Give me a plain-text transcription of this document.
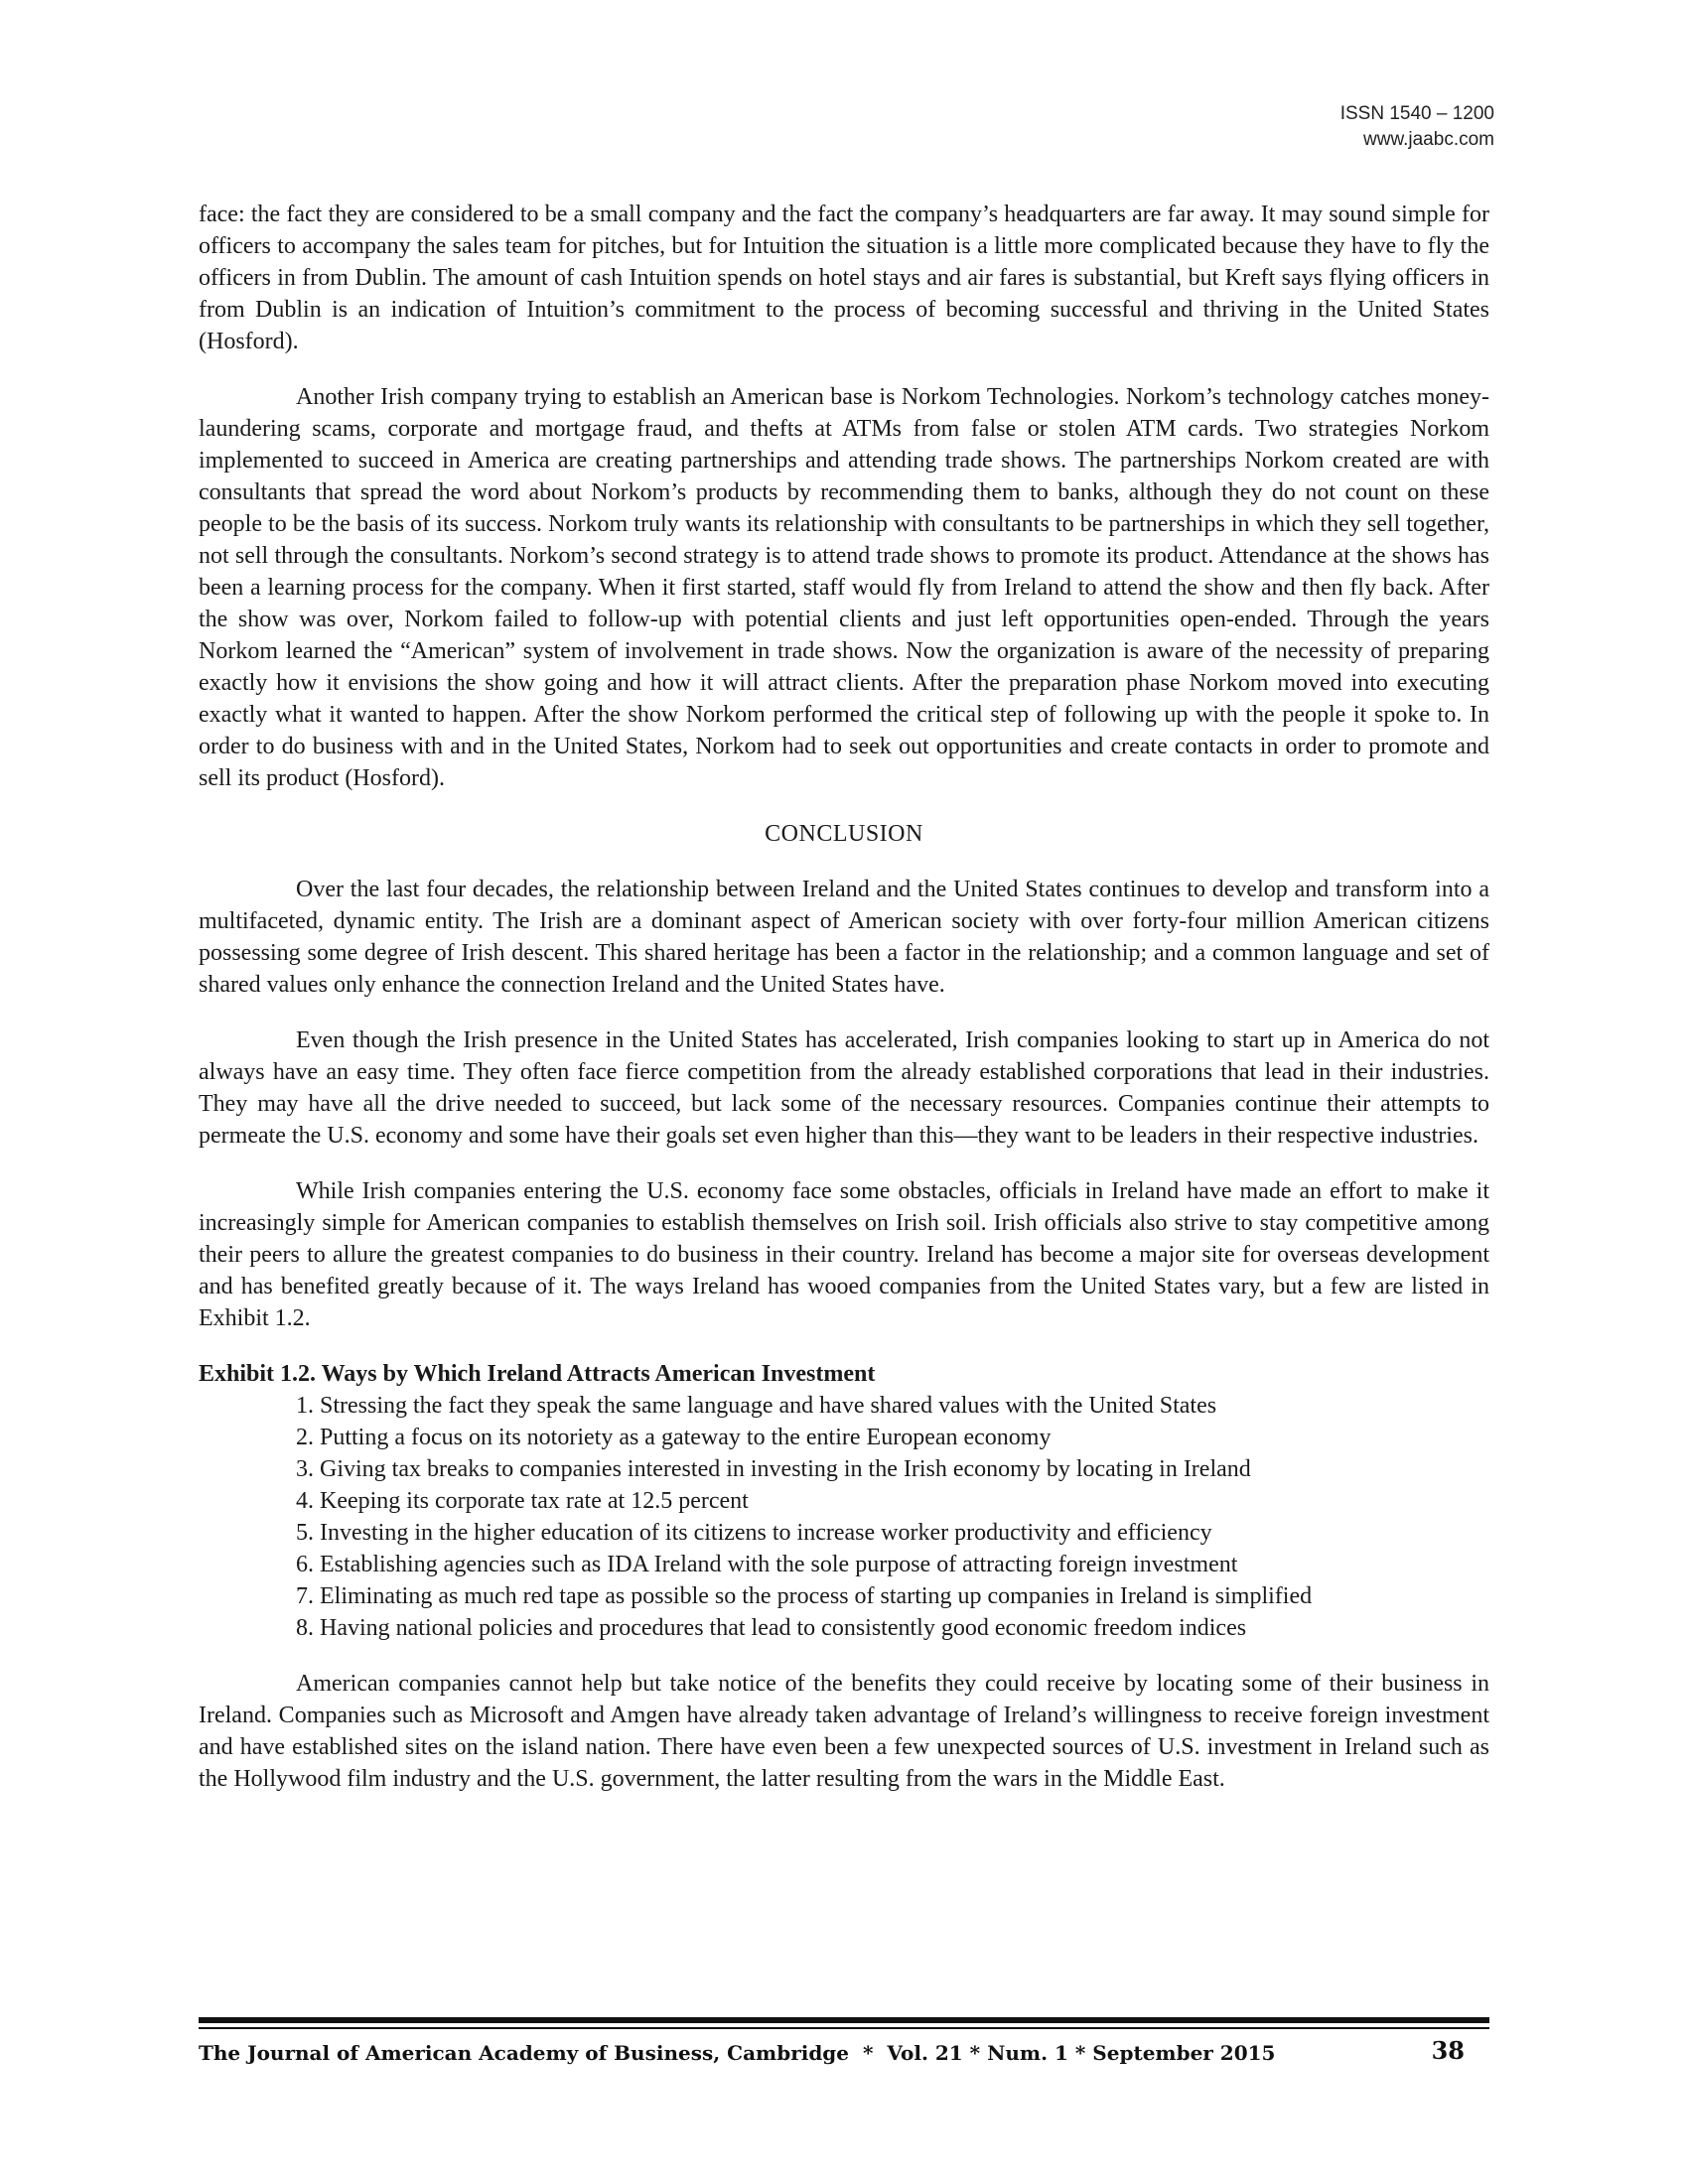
ISSN 1540 – 1200
www.jaabc.com

face: the fact they are considered to be a small company and the fact the company’s headquarters are far away. It may sound simple for officers to accompany the sales team for pitches, but for Intuition the situation is a little more complicated because they have to fly the officers in from Dublin. The amount of cash Intuition spends on hotel stays and air fares is substantial, but Kreft says flying officers in from Dublin is an indication of Intuition’s commitment to the process of becoming successful and thriving in the United States (Hosford).

Another Irish company trying to establish an American base is Norkom Technologies. Norkom’s technology catches money-laundering scams, corporate and mortgage fraud, and thefts at ATMs from false or stolen ATM cards. Two strategies Norkom implemented to succeed in America are creating partnerships and attending trade shows. The partnerships Norkom created are with consultants that spread the word about Norkom’s products by recommending them to banks, although they do not count on these people to be the basis of its success. Norkom truly wants its relationship with consultants to be partnerships in which they sell together, not sell through the consultants. Norkom’s second strategy is to attend trade shows to promote its product. Attendance at the shows has been a learning process for the company. When it first started, staff would fly from Ireland to attend the show and then fly back. After the show was over, Norkom failed to follow-up with potential clients and just left opportunities open-ended. Through the years Norkom learned the “American” system of involvement in trade shows. Now the organization is aware of the necessity of preparing exactly how it envisions the show going and how it will attract clients. After the preparation phase Norkom moved into executing exactly what it wanted to happen. After the show Norkom performed the critical step of following up with the people it spoke to. In order to do business with and in the United States, Norkom had to seek out opportunities and create contacts in order to promote and sell its product (Hosford).

CONCLUSION

Over the last four decades, the relationship between Ireland and the United States continues to develop and transform into a multifaceted, dynamic entity. The Irish are a dominant aspect of American society with over forty-four million American citizens possessing some degree of Irish descent. This shared heritage has been a factor in the relationship; and a common language and set of shared values only enhance the connection Ireland and the United States have.

Even though the Irish presence in the United States has accelerated, Irish companies looking to start up in America do not always have an easy time. They often face fierce competition from the already established corporations that lead in their industries. They may have all the drive needed to succeed, but lack some of the necessary resources. Companies continue their attempts to permeate the U.S. economy and some have their goals set even higher than this—they want to be leaders in their respective industries.

While Irish companies entering the U.S. economy face some obstacles, officials in Ireland have made an effort to make it increasingly simple for American companies to establish themselves on Irish soil. Irish officials also strive to stay competitive among their peers to allure the greatest companies to do business in their country. Ireland has become a major site for overseas development and has benefited greatly because of it. The ways Ireland has wooed companies from the United States vary, but a few are listed in Exhibit 1.2.

Exhibit 1.2. Ways by Which Ireland Attracts American Investment
1. Stressing the fact they speak the same language and have shared values with the United States
2. Putting a focus on its notoriety as a gateway to the entire European economy
3. Giving tax breaks to companies interested in investing in the Irish economy by locating in Ireland
4. Keeping its corporate tax rate at 12.5 percent
5. Investing in the higher education of its citizens to increase worker productivity and efficiency
6. Establishing agencies such as IDA Ireland with the sole purpose of attracting foreign investment
7. Eliminating as much red tape as possible so the process of starting up companies in Ireland is simplified
8. Having national policies and procedures that lead to consistently good economic freedom indices

American companies cannot help but take notice of the benefits they could receive by locating some of their business in Ireland. Companies such as Microsoft and Amgen have already taken advantage of Ireland’s willingness to receive foreign investment and have established sites on the island nation. There have even been a few unexpected sources of U.S. investment in Ireland such as the Hollywood film industry and the U.S. government, the latter resulting from the wars in the Middle East.

The Journal of American Academy of Business, Cambridge  *  Vol. 21 * Num. 1 * September 2015	38
